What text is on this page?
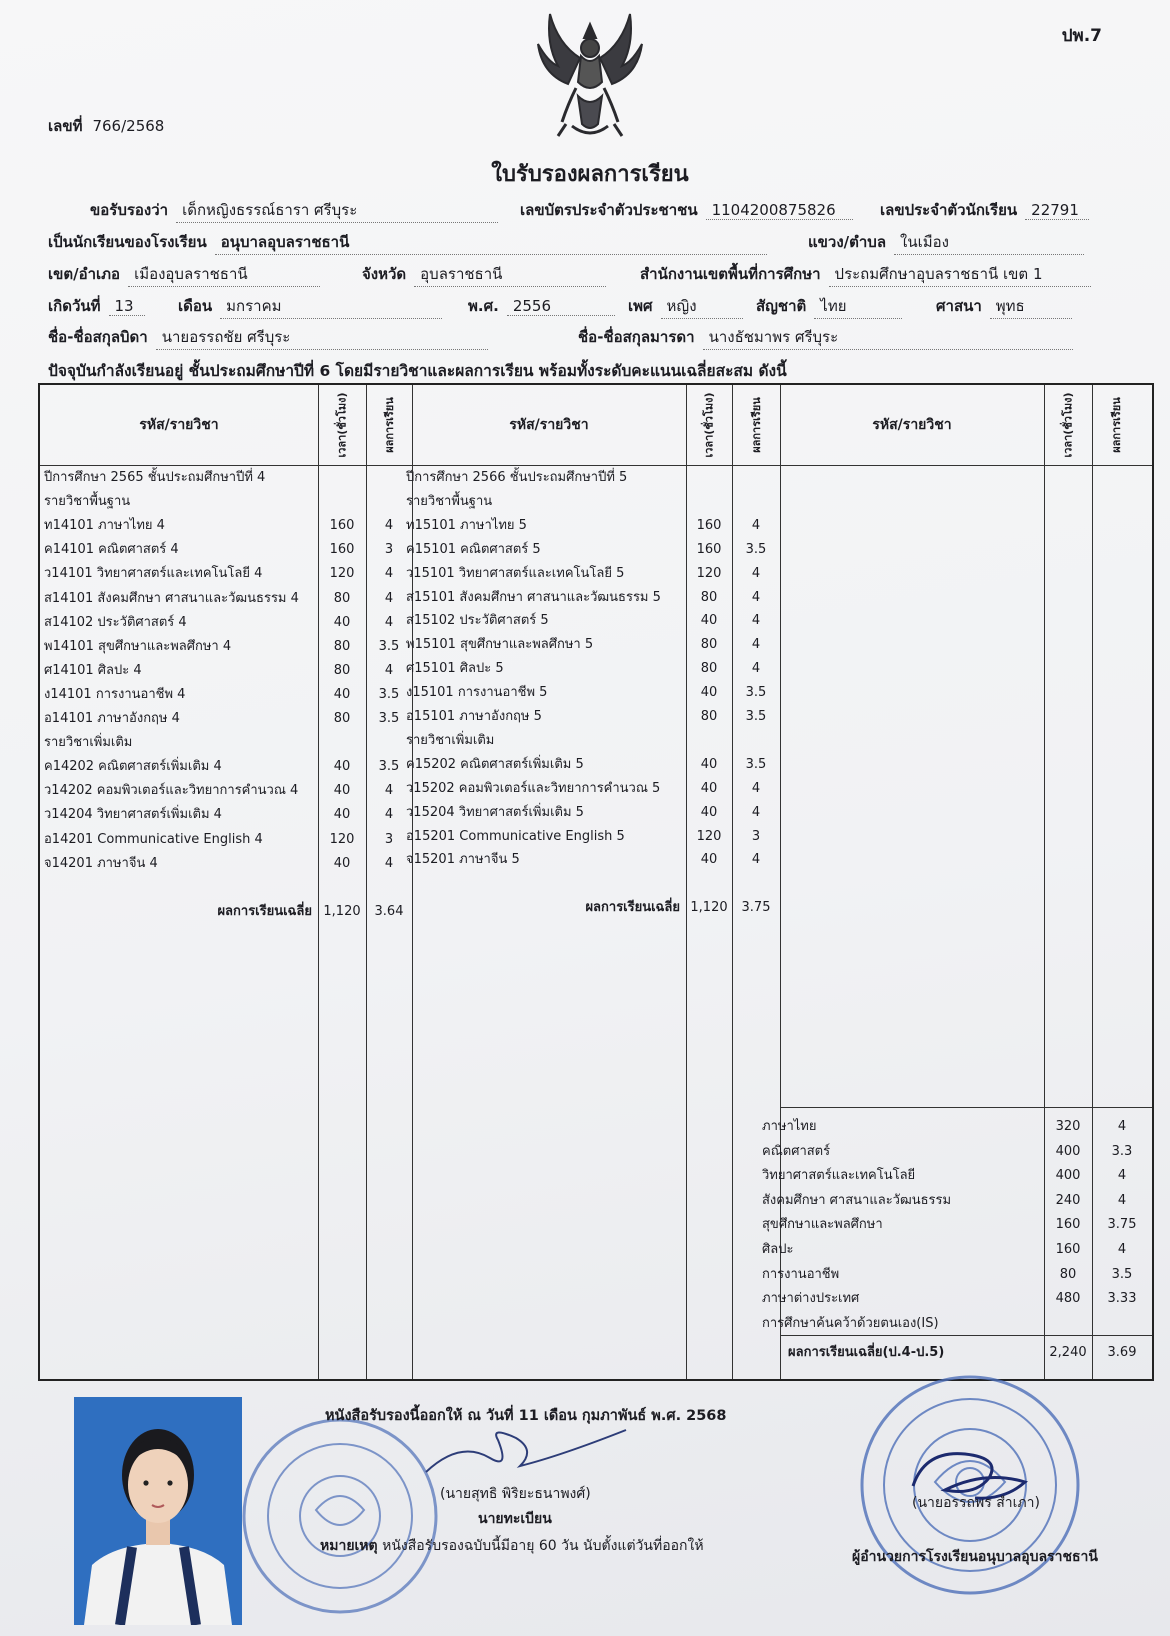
ปพ.7
เลขที่ 766/2568
ใบรับรองผลการเรียน
ขอรับรองว่า เด็กหญิงธรรณ์ธารา ศรีบุระ	เลขบัตรประจำตัวประชาชน 1104200875826	เลขประจำตัวนักเรียน 22791
เป็นนักเรียนของโรงเรียน อนุบาลอุบลราชธานี	แขวง/ตำบล ในเมือง
เขต/อำเภอ เมืองอุบลราชธานี	จังหวัด อุบลราชธานี	สำนักงานเขตพื้นที่การศึกษา ประถมศึกษาอุบลราชธานี เขต 1
เกิดวันที่ 13	เดือน มกราคม	พ.ศ. 2556	เพศ หญิง	สัญชาติ ไทย	ศาสนา พุทธ
ชื่อ-ชื่อสกุลบิดา นายอรรถชัย ศรีบุระ	ชื่อ-ชื่อสกุลมารดา นางธัชมาพร ศรีบุระ
ปัจจุบันกำลังเรียนอยู่ ชั้นประถมศึกษาปีที่ 6 โดยมีรายวิชาและผลการเรียน พร้อมทั้งระดับคะแนนเฉลี่ยสะสม ดังนี้
รหัส/รายวิชา	เวลา(ชั่วโมง)	ผลการเรียน	รหัส/รายวิชา	เวลา(ชั่วโมง)	ผลการเรียน	รหัส/รายวิชา	เวลา(ชั่วโมง)	ผลการเรียน
ปีการศึกษา 2565 ชั้นประถมศึกษาปีที่ 4
รายวิชาพื้นฐาน
ท14101 ภาษาไทย 4	160	4
ค14101 คณิตศาสตร์ 4	160	3
ว14101 วิทยาศาสตร์และเทคโนโลยี 4	120	4
ส14101 สังคมศึกษา ศาสนาและวัฒนธรรม 4	80	4
ส14102 ประวัติศาสตร์ 4	40	4
พ14101 สุขศึกษาและพลศึกษา 4	80	3.5
ศ14101 ศิลปะ 4	80	4
ง14101 การงานอาชีพ 4	40	3.5
อ14101 ภาษาอังกฤษ 4	80	3.5
รายวิชาเพิ่มเติม
ค14202 คณิตศาสตร์เพิ่มเติม 4	40	3.5
ว14202 คอมพิวเตอร์และวิทยาการคำนวณ 4	40	4
ว14204 วิทยาศาสตร์เพิ่มเติม 4	40	4
อ14201 Communicative English 4	120	3
จ14201 ภาษาจีน 4	40	4
ปีการศึกษา 2566 ชั้นประถมศึกษาปีที่ 5
รายวิชาพื้นฐาน
ท15101 ภาษาไทย 5	160	4
ค15101 คณิตศาสตร์ 5	160	3.5
ว15101 วิทยาศาสตร์และเทคโนโลยี 5	120	4
ส15101 สังคมศึกษา ศาสนาและวัฒนธรรม 5	80	4
ส15102 ประวัติศาสตร์ 5	40	4
พ15101 สุขศึกษาและพลศึกษา 5	80	4
ศ15101 ศิลปะ 5	80	4
ง15101 การงานอาชีพ 5	40	3.5
อ15101 ภาษาอังกฤษ 5	80	3.5
รายวิชาเพิ่มเติม
ค15202 คณิตศาสตร์เพิ่มเติม 5	40	3.5
ว15202 คอมพิวเตอร์และวิทยาการคำนวณ 5	40	4
ว15204 วิทยาศาสตร์เพิ่มเติม 5	40	4
อ15201 Communicative English 5	120	3
จ15201 ภาษาจีน 5	40	4
ภาษาไทย	320	4
คณิตศาสตร์	400	3.3
วิทยาศาสตร์และเทคโนโลยี	400	4
สังคมศึกษา ศาสนาและวัฒนธรรม	240	4
สุขศึกษาและพลศึกษา	160	3.75
ศิลปะ	160	4
การงานอาชีพ	80	3.5
ภาษาต่างประเทศ	480	3.33
การศึกษาค้นคว้าด้วยตนเอง(IS)
ผลการเรียนเฉลี่ย 1,120	3.64	ผลการเรียนเฉลี่ย 1,120	3.75
ผลการเรียนเฉลี่ย(ป.4-ป.5)	2,240	3.69
หนังสือรับรองนี้ออกให้ ณ วันที่ 11 เดือน กุมภาพันธ์ พ.ศ. 2568
(นายสุทธิ พิริยะธนาพงศ์)
นายทะเบียน
หมายเหตุ หนังสือรับรองฉบับนี้มีอายุ 60 วัน นับตั้งแต่วันที่ออกให้
(นายอรรถพร สำเภา)
ผู้อำนวยการโรงเรียนอนุบาลอุบลราชธานี
